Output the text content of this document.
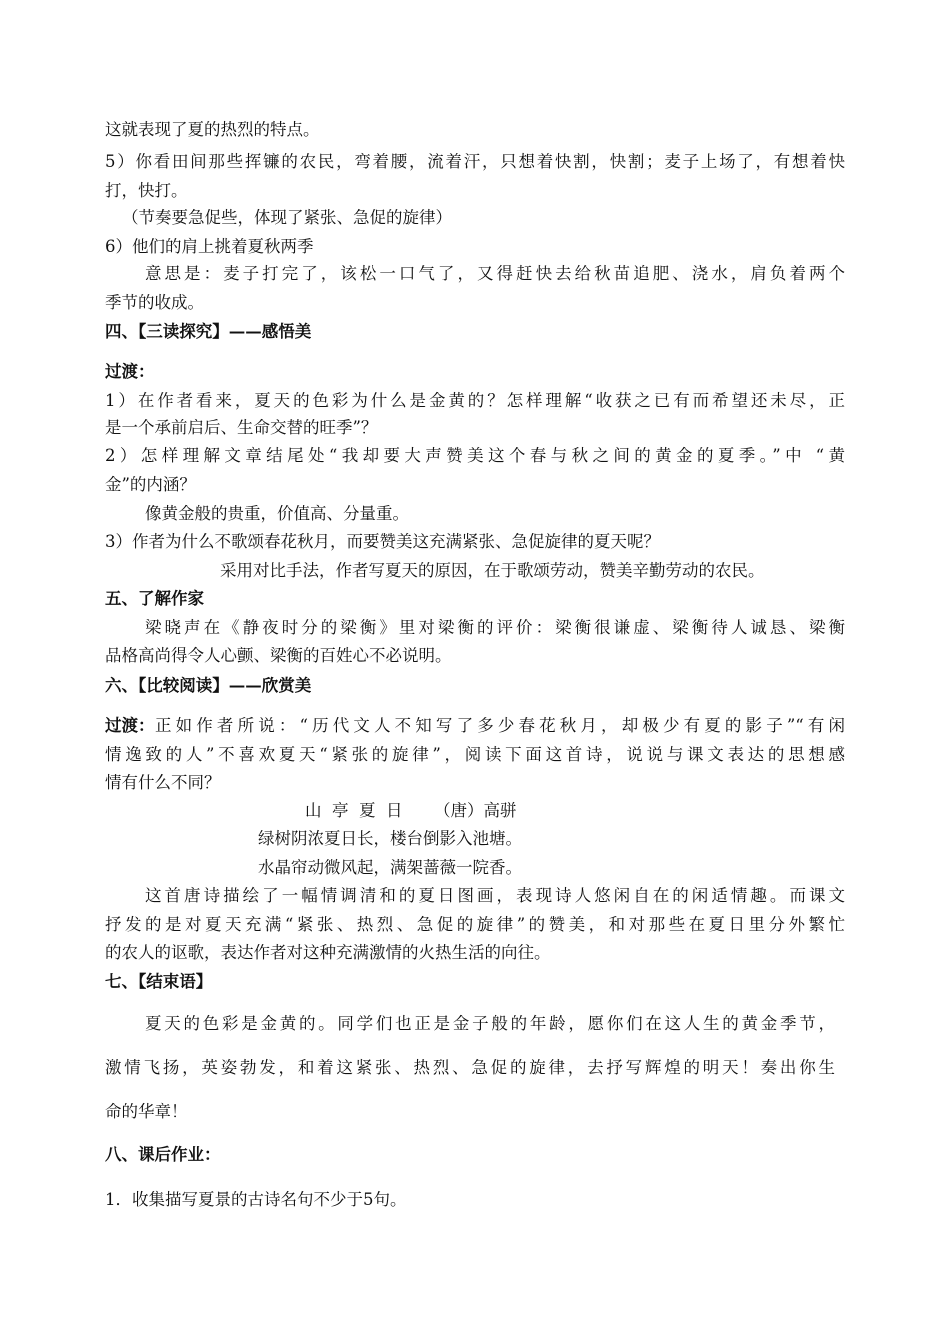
这就表现了夏的热烈的特点。
5）你看田间那些挥镰的农民，弯着腰，流着汗，只想着快割，快割；麦子上场了，有想着快
打，快打。
（节奏要急促些，体现了紧张、急促的旋律）
6）他们的肩上挑着夏秋两季
意思是：麦子打完了，该松一口气了，又得赶快去给秋苗追肥、浇水，肩负着两个
季节的收成。
四、【三读探究】——感悟美
过渡：
1）在作者看来，夏天的色彩为什么是金黄的？怎样理解“收获之已有而希望还未尽，正
是一个承前启后、生命交替的旺季”？
2）怎样理解文章结尾处“我却要大声赞美这个春与秋之间的黄金的夏季。”中 “黄
金”的内涵？
像黄金般的贵重，价值高、分量重。
3）作者为什么不歌颂春花秋月，而要赞美这充满紧张、急促旋律的夏天呢？
采用对比手法，作者写夏天的原因，在于歌颂劳动，赞美辛勤劳动的农民。
五、了解作家
梁晓声在《静夜时分的梁衡》里对梁衡的评价：梁衡很谦虚、梁衡待人诚恳、梁衡
品格高尚得令人心颤、梁衡的百姓心不必说明。
六、【比较阅读】——欣赏美
过渡： 正如作者所说：“历代文人不知写了多少春花秋月，却极少有夏的影子”“有闲
情逸致的人”不喜欢夏天“紧张的旋律”，阅读下面这首诗，说说与课文表达的思想感
情有什么不同？
山  亭  夏  日      （唐）高骈
绿树阴浓夏日长，楼台倒影入池塘。
水晶帘动微风起，满架蔷薇一院香。
这首唐诗描绘了一幅情调清和的夏日图画，表现诗人悠闲自在的闲适情趣。而课文
抒发的是对夏天充满“紧张、热烈、急促的旋律”的赞美，和对那些在夏日里分外繁忙
的农人的讴歌，表达作者对这种充满激情的火热生活的向往。
七、【结束语】
夏天的色彩是金黄的。同学们也正是金子般的年龄，愿你们在这人生的黄金季节，
激情飞扬，英姿勃发，和着这紧张、热烈、急促的旋律，去抒写辉煌的明天！奏出你生
命的华章！
八、课后作业：
1．收集描写夏景的古诗名句不少于5句。
